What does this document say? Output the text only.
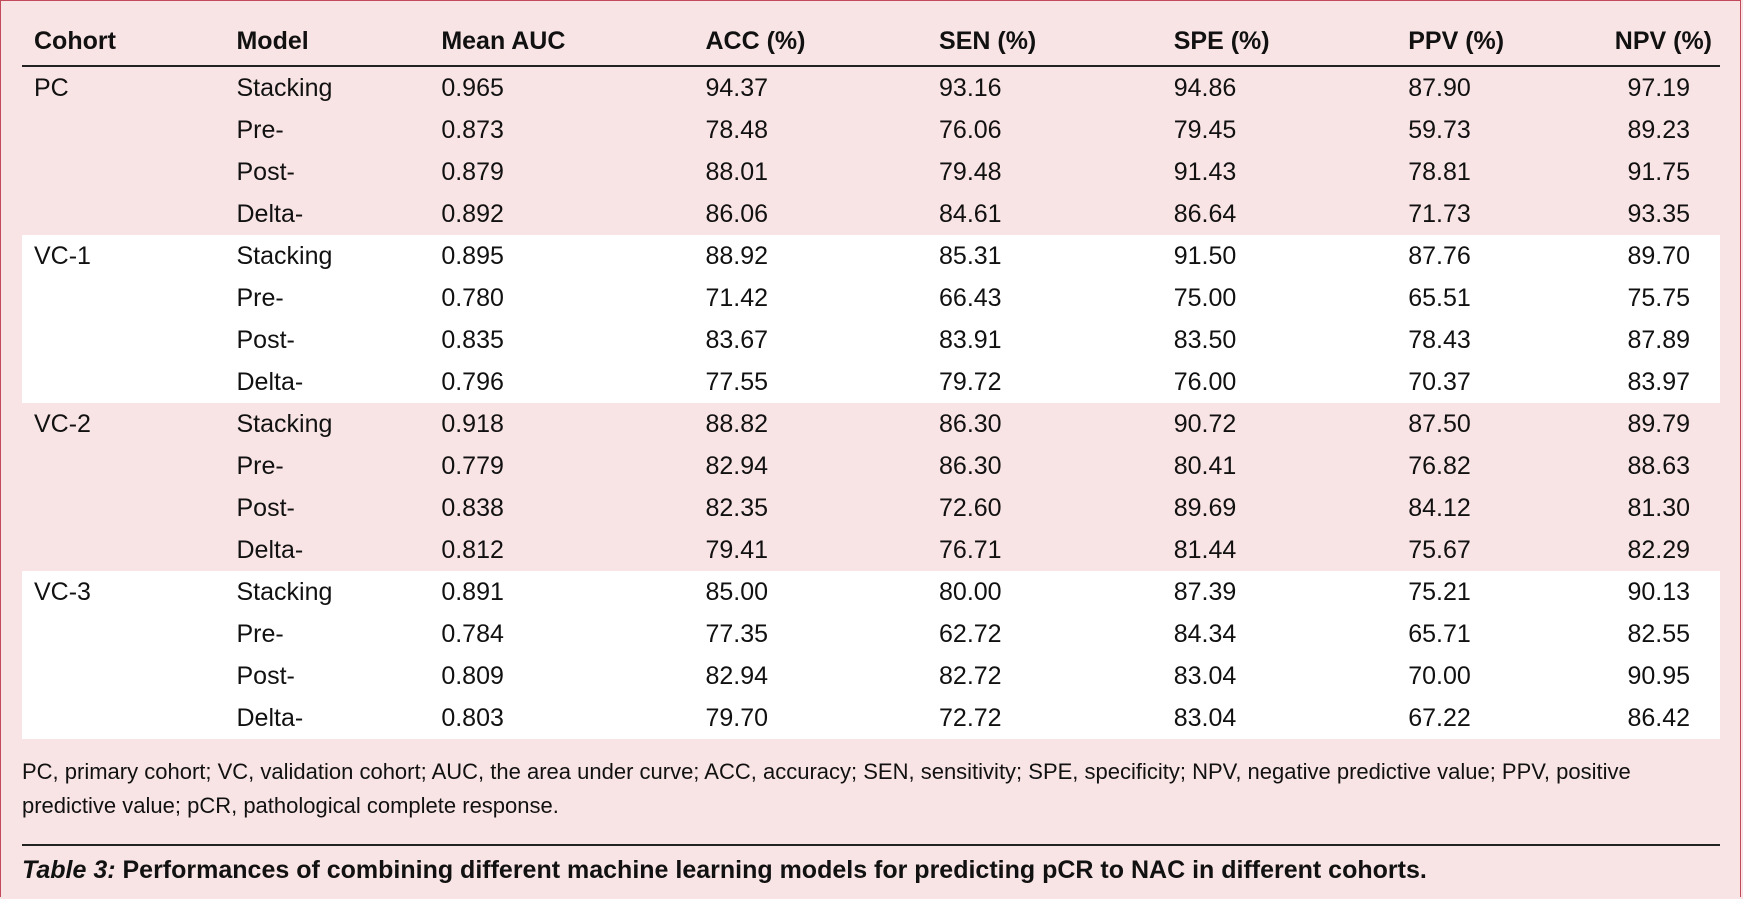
Cohort	Model	Mean AUC	ACC (%)	SEN (%)	SPE (%)	PPV (%)	NPV (%)
PC	Stacking	0.965	94.37	93.16	94.86	87.90	97.19
	Pre-	0.873	78.48	76.06	79.45	59.73	89.23
	Post-	0.879	88.01	79.48	91.43	78.81	91.75
	Delta-	0.892	86.06	84.61	86.64	71.73	93.35
VC-1	Stacking	0.895	88.92	85.31	91.50	87.76	89.70
	Pre-	0.780	71.42	66.43	75.00	65.51	75.75
	Post-	0.835	83.67	83.91	83.50	78.43	87.89
	Delta-	0.796	77.55	79.72	76.00	70.37	83.97
VC-2	Stacking	0.918	88.82	86.30	90.72	87.50	89.79
	Pre-	0.779	82.94	86.30	80.41	76.82	88.63
	Post-	0.838	82.35	72.60	89.69	84.12	81.30
	Delta-	0.812	79.41	76.71	81.44	75.67	82.29
VC-3	Stacking	0.891	85.00	80.00	87.39	75.21	90.13
	Pre-	0.784	77.35	62.72	84.34	65.71	82.55
	Post-	0.809	82.94	82.72	83.04	70.00	90.95
	Delta-	0.803	79.70	72.72	83.04	67.22	86.42
PC, primary cohort; VC, validation cohort; AUC, the area under curve; ACC, accuracy; SEN, sensitivity; SPE, specificity; NPV, negative predictive value; PPV, positive predictive value; pCR, pathological complete response.
Table 3: Performances of combining different machine learning models for predicting pCR to NAC in different cohorts.
